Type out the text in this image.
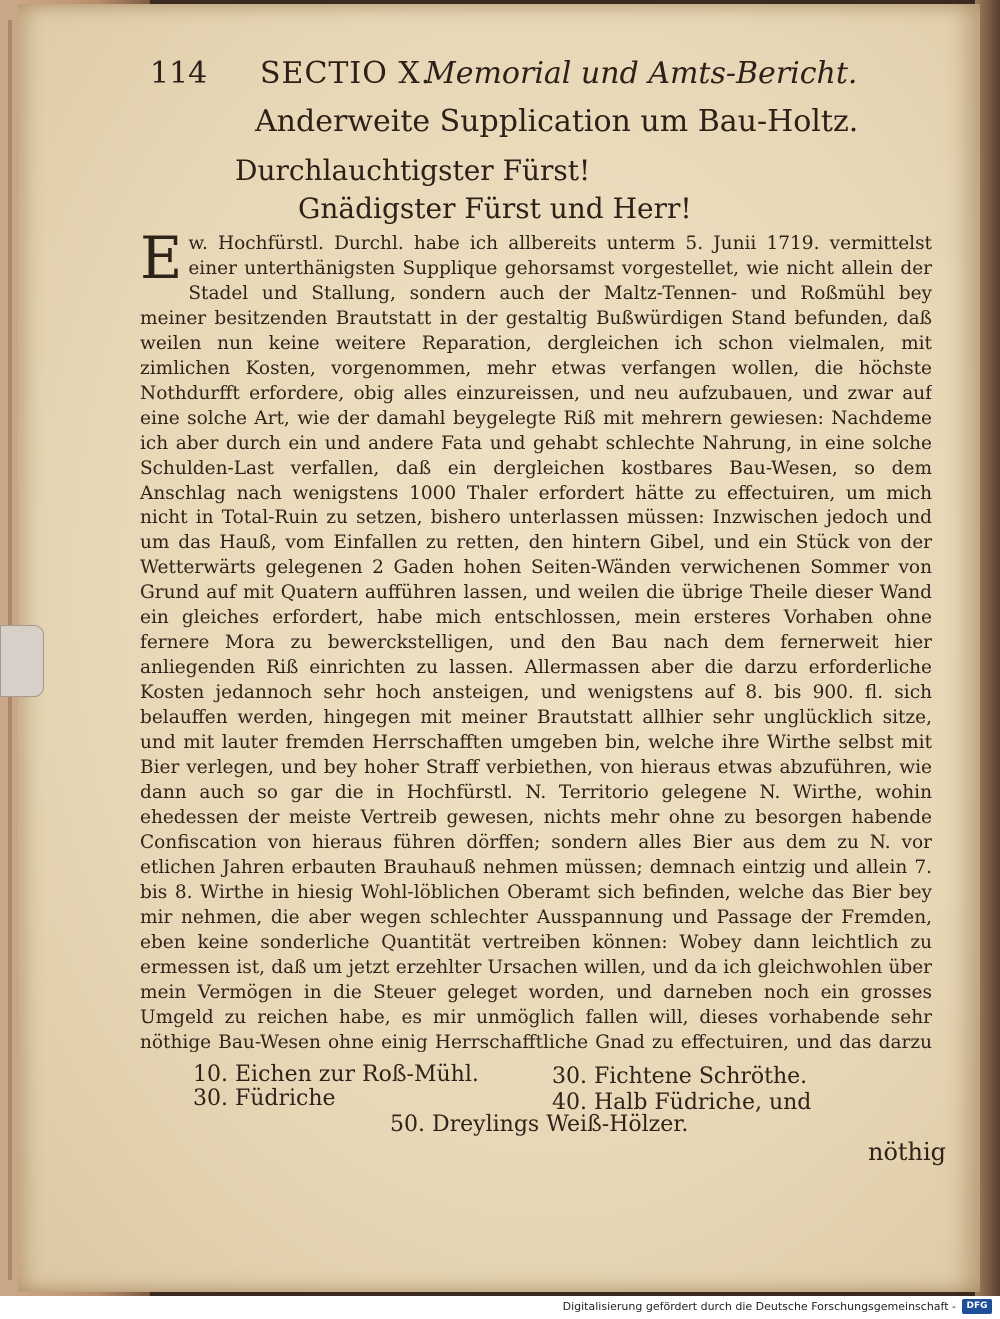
114 SECTIO X.
Memorial und Amts-Bericht.
Anderweite Supplication um Bau-Holtz.
Durchlauchtigster Fürst!
Gnädigster Fürst und Herr!
E w. Hochfürstl. Durchl. habe ich allbereits unterm 5. Junii 1719. vermittelst einer unterthänigsten Supplique gehorsamst vorgestellet, wie nicht allein der Stadel und Stallung, sondern auch der Maltz-Tennen- und Roßmühl bey meiner besitzenden Brautstatt in der gestaltig Bußwürdigen Stand befunden, daß weilen nun keine weitere Reparation, dergleichen ich schon vielmalen, mit zimlichen Kosten, vorgenommen, mehr etwas verfangen wollen, die höchste Nothdurfft erfordere, obig alles einzureissen, und neu aufzubauen, und zwar auf eine solche Art, wie der damahl beygelegte Riß mit mehrern gewiesen: Nachdeme ich aber durch ein und andere Fata und gehabt schlechte Nahrung, in eine solche Schulden-Last verfallen, daß ein dergleichen kostbares Bau-Wesen, so dem Anschlag nach wenigstens 1000 Thaler erfordert hätte zu effectuiren, um mich nicht in Total-Ruin zu setzen, bishero unterlassen müssen: Inzwischen jedoch und um das Hauß, vom Einfallen zu retten, den hintern Gibel, und ein Stück von der Wetterwärts gelegenen 2 Gaden hohen Seiten-Wänden verwichenen Sommer von Grund auf mit Quatern aufführen lassen, und weilen die übrige Theile dieser Wand ein gleiches erfordert, habe mich entschlossen, mein ersteres Vorhaben ohne fernere Mora zu bewerckstelligen, und den Bau nach dem fernerweit hier anliegenden Riß einrichten zu lassen. Allermassen aber die darzu erforderliche Kosten jedannoch sehr hoch ansteigen, und wenigstens auf 8. bis 900. fl. sich belauffen werden, hingegen mit meiner Brautstatt allhier sehr unglücklich sitze, und mit lauter fremden Herrschafften umgeben bin, welche ihre Wirthe selbst mit Bier verlegen, und bey hoher Straff verbiethen, von hieraus etwas abzuführen, wie dann auch so gar die in Hochfürstl. N. Territorio gelegene N. Wirthe, wohin ehedessen der meiste Vertreib gewesen, nichts mehr ohne zu besorgen habende Confiscation von hieraus führen dörffen; sondern alles Bier aus dem zu N. vor etlichen Jahren erbauten Brauhauß nehmen müssen; demnach eintzig und allein 7. bis 8. Wirthe in hiesig Wohl-löblichen Oberamt sich befinden, welche das Bier bey mir nehmen, die aber wegen schlechter Ausspannung und Passage der Fremden, eben keine sonderliche Quantität vertreiben können: Wobey dann leichtlich zu ermessen ist, daß um jetzt erzehlter Ursachen willen, und da ich gleichwohlen über mein Vermögen in die Steuer geleget worden, und darneben noch ein grosses Umgeld zu reichen habe, es mir unmöglich fallen will, dieses vorhabende sehr nöthige Bau-Wesen ohne einig Herrschafftliche Gnad zu effectuiren, und das darzu
10. Eichen zur Roß-Mühl.	30. Fichtene Schröthe.
30. Füdriche	40. Halb Füdriche, und
50. Dreylings Weiß-Hölzer.
nöthig
Digitalisierung gefördert durch die Deutsche Forschungsgemeinschaft -	DFG
